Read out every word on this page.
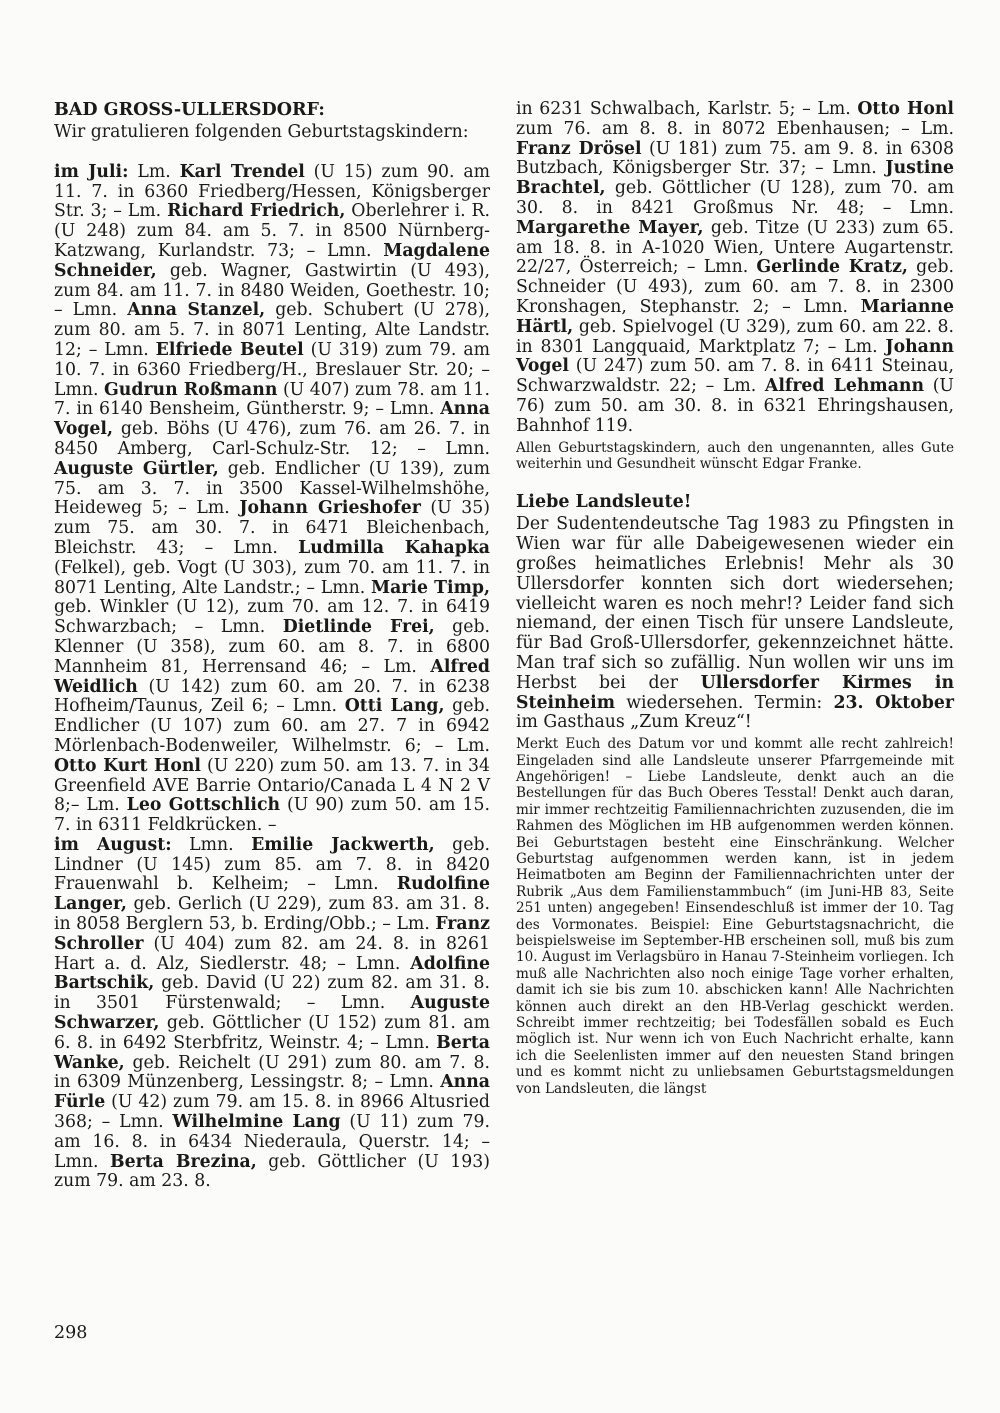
BAD GROSS-ULLERSDORF:

Wir gratulieren folgenden Geburtstagskindern:

im Juli: Lm. Karl Trendel (U 15) zum 90. am 11. 7. in 6360 Friedberg/Hessen, Königsberger Str. 3; – Lm. Richard Friedrich, Oberlehrer i. R. (U 248) zum 84. am 5. 7. in 8500 Nürnberg-Katzwang, Kurlandstr. 73; – Lmn. Magdalene Schneider, geb. Wagner, Gastwirtin (U 493), zum 84. am 11. 7. in 8480 Weiden, Goethestr. 10; – Lmn. Anna Stanzel, geb. Schubert (U 278), zum 80. am 5. 7. in 8071 Lenting, Alte Landstr. 12; – Lmn. Elfriede Beutel (U 319) zum 79. am 10. 7. in 6360 Friedberg/H., Breslauer Str. 20; – Lmn. Gudrun Roßmann (U 407) zum 78. am 11. 7. in 6140 Bensheim, Güntherstr. 9; – Lmn. Anna Vogel, geb. Böhs (U 476), zum 76. am 26. 7. in 8450 Amberg, Carl-Schulz-Str. 12; – Lmn. Auguste Gürtler, geb. Endlicher (U 139), zum 75. am 3. 7. in 3500 Kassel-Wilhelmshöhe, Heideweg 5; – Lm. Johann Grieshofer (U 35) zum 75. am 30. 7. in 6471 Bleichenbach, Bleichstr. 43; – Lmn. Ludmilla Kahapka (Felkel), geb. Vogt (U 303), zum 70. am 11. 7. in 8071 Lenting, Alte Landstr.; – Lmn. Marie Timp, geb. Winkler (U 12), zum 70. am 12. 7. in 6419 Schwarzbach; – Lmn. Dietlinde Frei, geb. Klenner (U 358), zum 60. am 8. 7. in 6800 Mannheim 81, Herrensand 46; – Lm. Alfred Weidlich (U 142) zum 60. am 20. 7. in 6238 Hofheim/Taunus, Zeil 6; – Lmn. Otti Lang, geb. Endlicher (U 107) zum 60. am 27. 7 in 6942 Mörlenbach-Bodenweiler, Wilhelmstr. 6; – Lm. Otto Kurt Honl (U 220) zum 50. am 13. 7. in 34 Greenfield AVE Barrie Ontario/Canada L 4 N 2 V 8;– Lm. Leo Gottschlich (U 90) zum 50. am 15. 7. in 6311 Feldkrücken. –

im August: Lmn. Emilie Jackwerth, geb. Lindner (U 145) zum 85. am 7. 8. in 8420 Frauenwahl b. Kelheim; – Lmn. Rudolfine Langer, geb. Gerlich (U 229), zum 83. am 31. 8. in 8058 Berglern 53, b. Erding/Obb.; – Lm. Franz Schroller (U 404) zum 82. am 24. 8. in 8261 Hart a. d. Alz, Siedlerstr. 48; – Lmn. Adolfine Bartschik, geb. David (U 22) zum 82. am 31. 8. in 3501 Fürstenwald; – Lmn. Auguste Schwarzer, geb. Göttlicher (U 152) zum 81. am 6. 8. in 6492 Sterbfritz, Weinstr. 4; – Lmn. Berta Wanke, geb. Reichelt (U 291) zum 80. am 7. 8. in 6309 Münzenberg, Lessingstr. 8; – Lmn. Anna Fürle (U 42) zum 79. am 15. 8. in 8966 Altusried 368; – Lmn. Wilhelmine Lang (U 11) zum 79. am 16. 8. in 6434 Niederaula, Querstr. 14; – Lmn. Berta Brezina, geb. Göttlicher (U 193) zum 79. am 23. 8.

in 6231 Schwalbach, Karlstr. 5; – Lm. Otto Honl zum 76. am 8. 8. in 8072 Ebenhausen; – Lm. Franz Drösel (U 181) zum 75. am 9. 8. in 6308 Butzbach, Königsberger Str. 37; – Lmn. Justine Brachtel, geb. Göttlicher (U 128), zum 70. am 30. 8. in 8421 Großmus Nr. 48; – Lmn. Margarethe Mayer, geb. Titze (U 233) zum 65. am 18. 8. in A-1020 Wien, Untere Augartenstr. 22/27, Österreich; – Lmn. Gerlinde Kratz, geb. Schneider (U 493), zum 60. am 7. 8. in 2300 Kronshagen, Stephanstr. 2; – Lmn. Marianne Härtl, geb. Spielvogel (U 329), zum 60. am 22. 8. in 8301 Langquaid, Marktplatz 7; – Lm. Johann Vogel (U 247) zum 50. am 7. 8. in 6411 Steinau, Schwarzwaldstr. 22; – Lm. Alfred Lehmann (U 76) zum 50. am 30. 8. in 6321 Ehringshausen, Bahnhof 119.

Allen Geburtstagskindern, auch den ungenannten, alles Gute weiterhin und Gesundheit wünscht Edgar Franke.

Liebe Landsleute!

Der Sudentendeutsche Tag 1983 zu Pfingsten in Wien war für alle Dabeigewesenen wieder ein großes heimatliches Erlebnis! Mehr als 30 Ullersdorfer konnten sich dort wiedersehen; vielleicht waren es noch mehr!? Leider fand sich niemand, der einen Tisch für unsere Landsleute, für Bad Groß-Ullersdorfer, gekennzeichnet hätte. Man traf sich so zufällig. Nun wollen wir uns im Herbst bei der Ullersdorfer Kirmes in Steinheim wiedersehen. Termin: 23. Oktober im Gasthaus „Zum Kreuz“!

Merkt Euch des Datum vor und kommt alle recht zahlreich! Eingeladen sind alle Landsleute unserer Pfarrgemeinde mit Angehörigen! – Liebe Landsleute, denkt auch an die Bestellungen für das Buch Oberes Tesstal! Denkt auch daran, mir immer rechtzeitig Familiennachrichten zuzusenden, die im Rahmen des Möglichen im HB aufgenommen werden können. Bei Geburtstagen besteht eine Einschränkung. Welcher Geburtstag aufgenommen werden kann, ist in jedem Heimatboten am Beginn der Familiennachrichten unter der Rubrik „Aus dem Familienstammbuch“ (im Juni-HB 83, Seite 251 unten) angegeben! Einsendeschluß ist immer der 10. Tag des Vormonates. Beispiel: Eine Geburtstagsnachricht, die beispielsweise im September-HB erscheinen soll, muß bis zum 10. August im Verlagsbüro in Hanau 7-Steinheim vorliegen. Ich muß alle Nachrichten also noch einige Tage vorher erhalten, damit ich sie bis zum 10. abschicken kann! Alle Nachrichten können auch direkt an den HB-Verlag geschickt werden. Schreibt immer rechtzeitig; bei Todesfällen sobald es Euch möglich ist. Nur wenn ich von Euch Nachricht erhalte, kann ich die Seelenlisten immer auf den neuesten Stand bringen und es kommt nicht zu unliebsamen Geburtstagsmeldungen von Landsleuten, die längst

298
